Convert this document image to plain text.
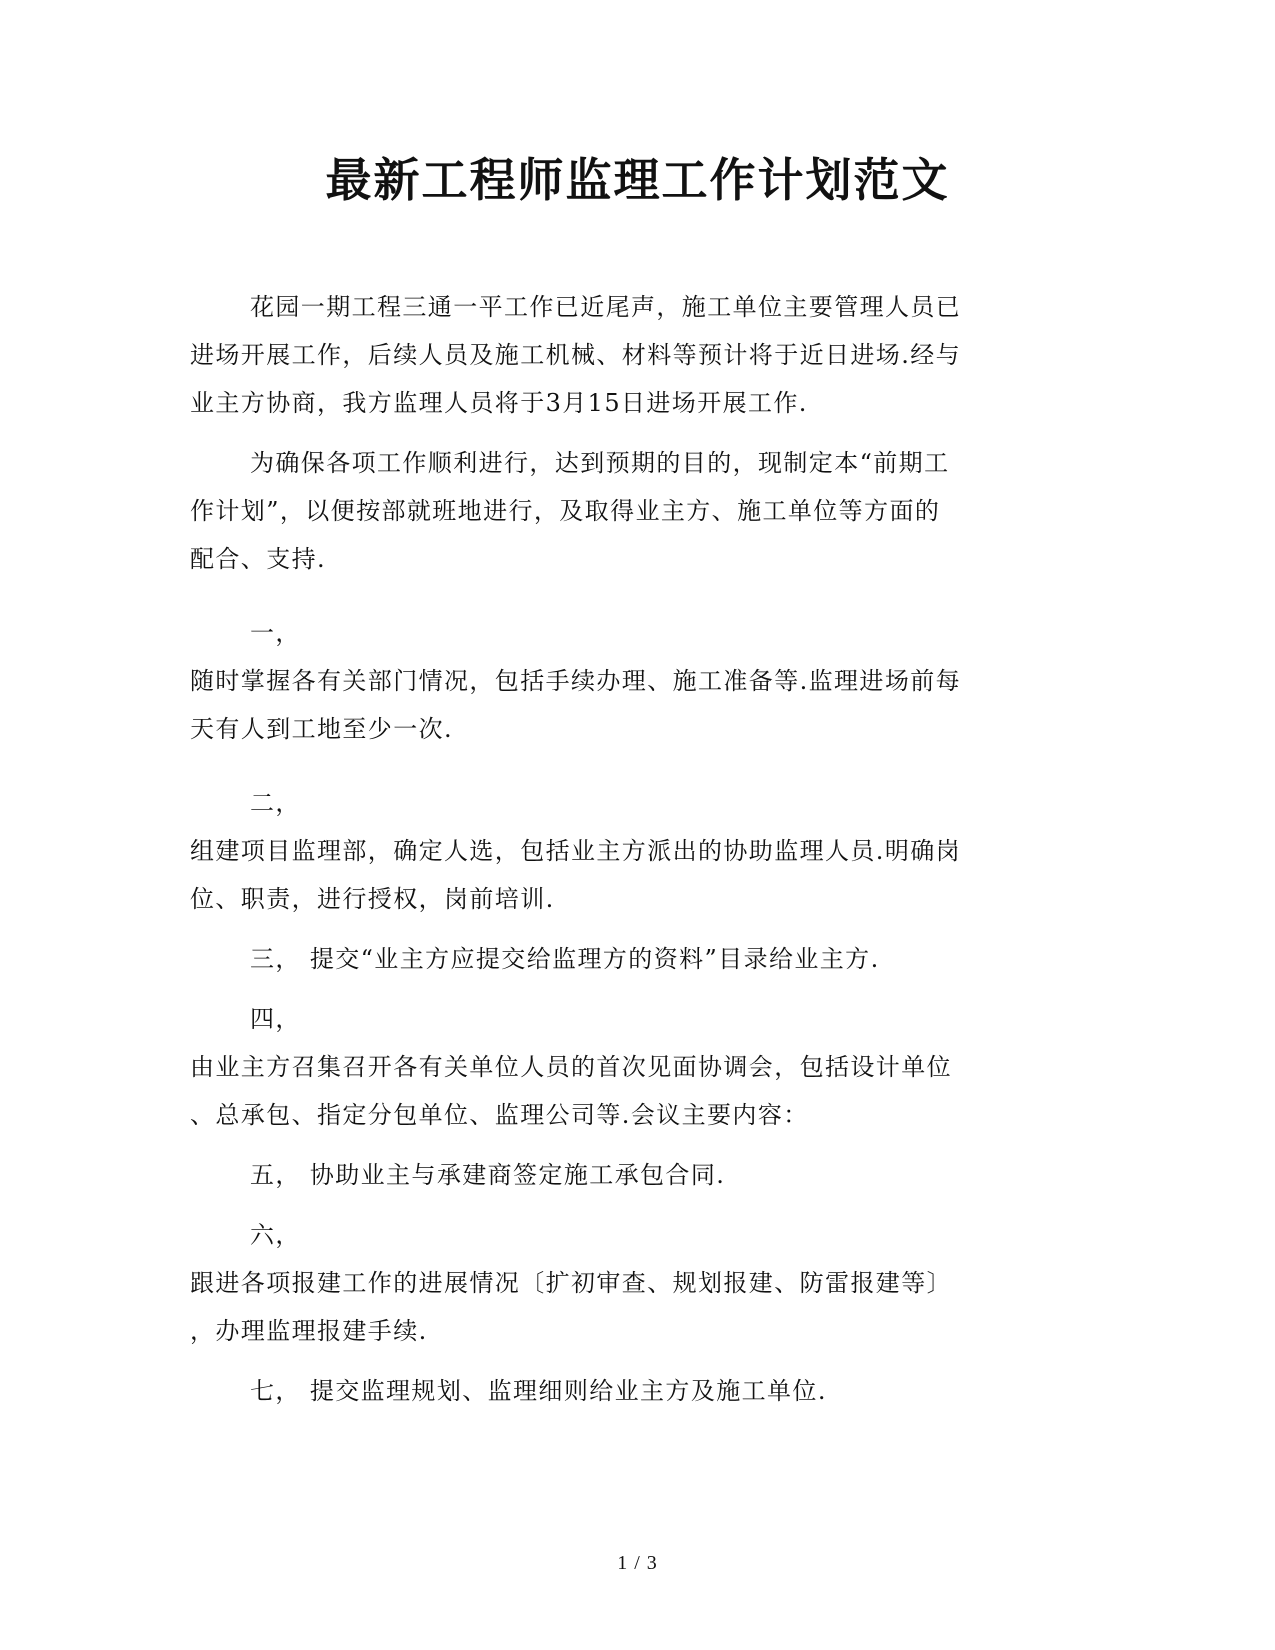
最新工程师监理工作计划范文
花园一期工程三通一平工作已近尾声，施工单位主要管理人员已
进场开展工作，后续人员及施工机械、材料等预计将于近日进场.经与
业主方协商，我方监理人员将于3月15日进场开展工作.
为确保各项工作顺利进行，达到预期的目的，现制定本“前期工
作计划”，以便按部就班地进行，及取得业主方、施工单位等方面的
配合、支持.
一，
随时掌握各有关部门情况，包括手续办理、施工准备等.监理进场前每
天有人到工地至少一次.
二，
组建项目监理部，确定人选，包括业主方派出的协助监理人员.明确岗
位、职责，进行授权，岗前培训.
三， 提交“业主方应提交给监理方的资料”目录给业主方.
四，
由业主方召集召开各有关单位人员的首次见面协调会，包括设计单位
、总承包、指定分包单位、监理公司等.会议主要内容：
五， 协助业主与承建商签定施工承包合同.
六，
跟进各项报建工作的进展情况〔扩初审查、规划报建、防雷报建等〕
，办理监理报建手续.
七， 提交监理规划、监理细则给业主方及施工单位.
1 / 3
